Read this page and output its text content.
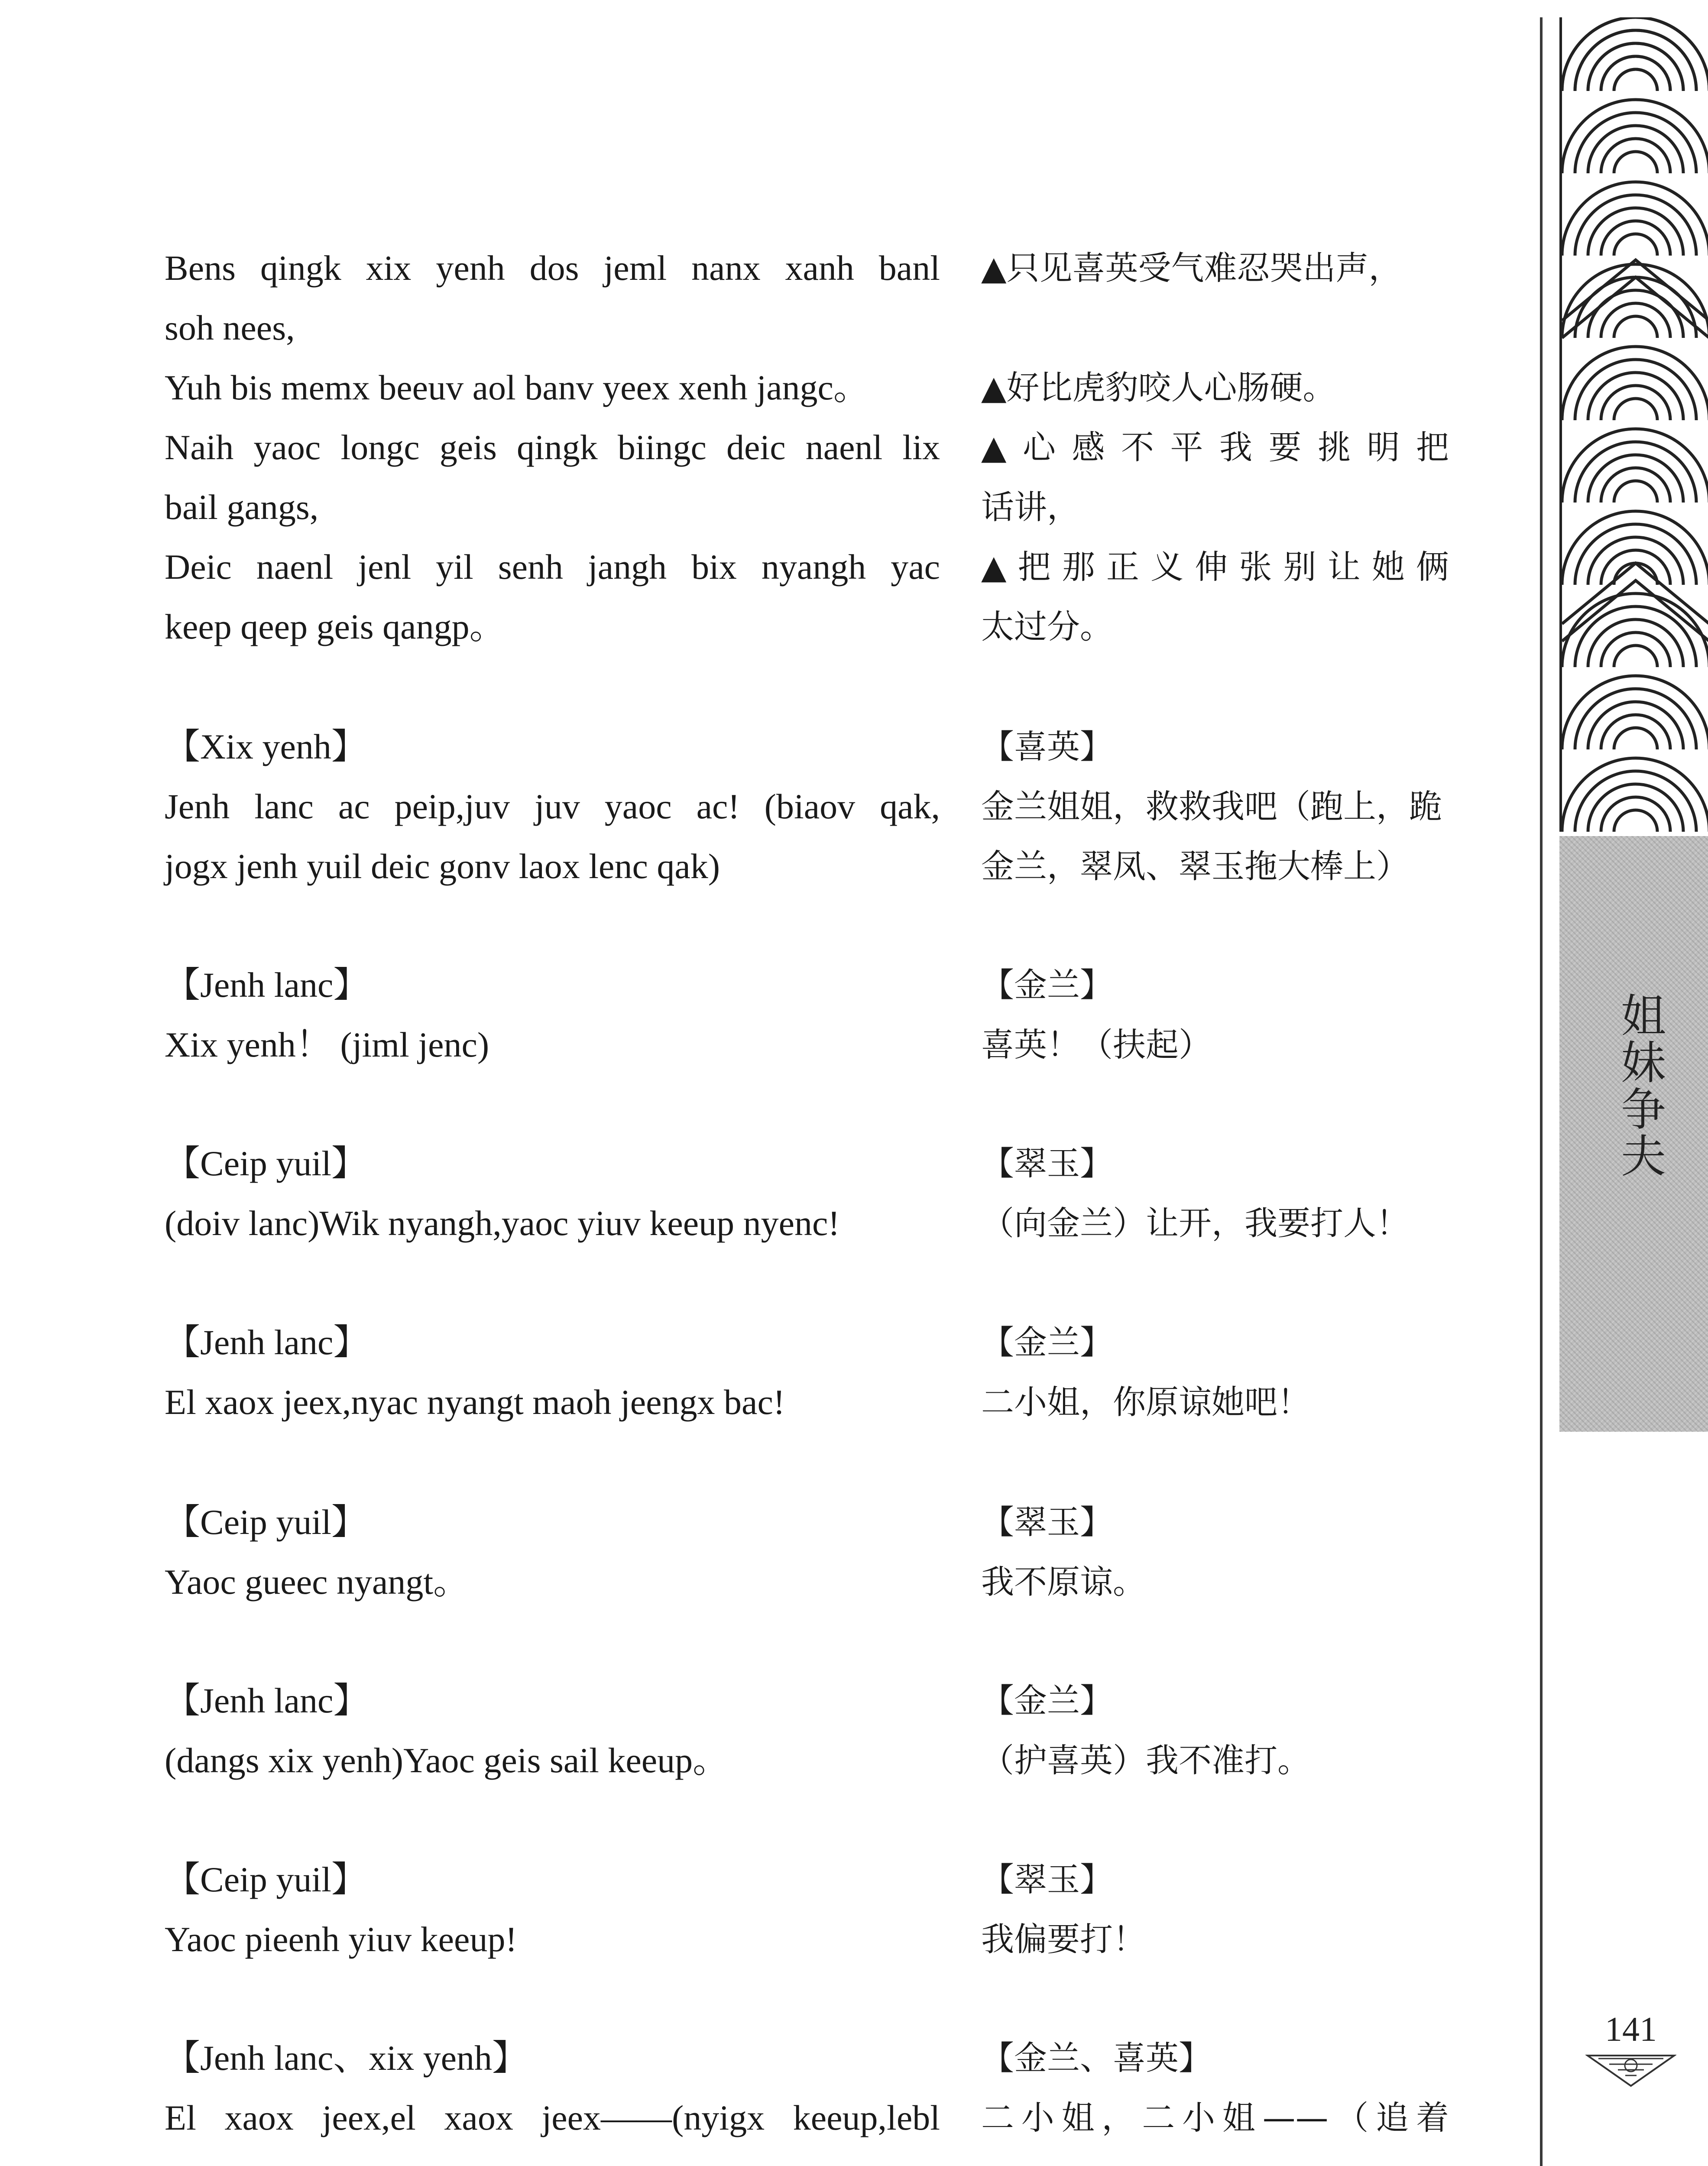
Bens qingk xix yenh dos jeml nanx xanh banl
soh nees,
Yuh bis memx beeuv aol banv yeex xenh jangc。
Naih yaoc longc geis qingk biingc deic naenl lix
bail gangs,
Deic naenl jenl yil senh jangh bix nyangh yac
keep qeep geis qangp。
【Xix yenh】
Jenh lanc ac peip,juv juv yaoc ac! (biaov qak,
jogx jenh yuil deic gonv laox lenc qak)
【Jenh lanc】
Xix yenh！ (jiml jenc)
【Ceip yuil】
(doiv lanc)Wik nyangh,yaoc yiuv keeup nyenc!
【Jenh lanc】
El xaox jeex,nyac nyangt maoh jeengx bac!
【Ceip yuil】
Yaoc gueec nyangt。
【Jenh lanc】
(dangs xix yenh)Yaoc geis sail keeup。
【Ceip yuil】
Yaoc pieenh yiuv keeup!
【Jenh lanc、xix yenh】
El xaox jeex,el xaox jeex——(nyigx keeup,lebl
▲只见喜英受气难忍哭出声，

▲好比虎豹咬人心肠硬。
▲心感不平我要挑明把
话讲，
▲把那正义伸张别让她俩
太过分。
【喜英】
金兰姐姐，救救我吧（跑上，跪
金兰，翠凤、翠玉拖大棒上）
【金兰】
喜英！（扶起）
【翠玉】
（向金兰）让开，我要打人！
【金兰】
二小姐，你原谅她吧！
【翠玉】
我不原谅。
【金兰】
（护喜英）我不准打。
【翠玉】
我偏要打！
【金兰、喜英】
二小姐，二小姐——（追着
姐妹争夫
141
